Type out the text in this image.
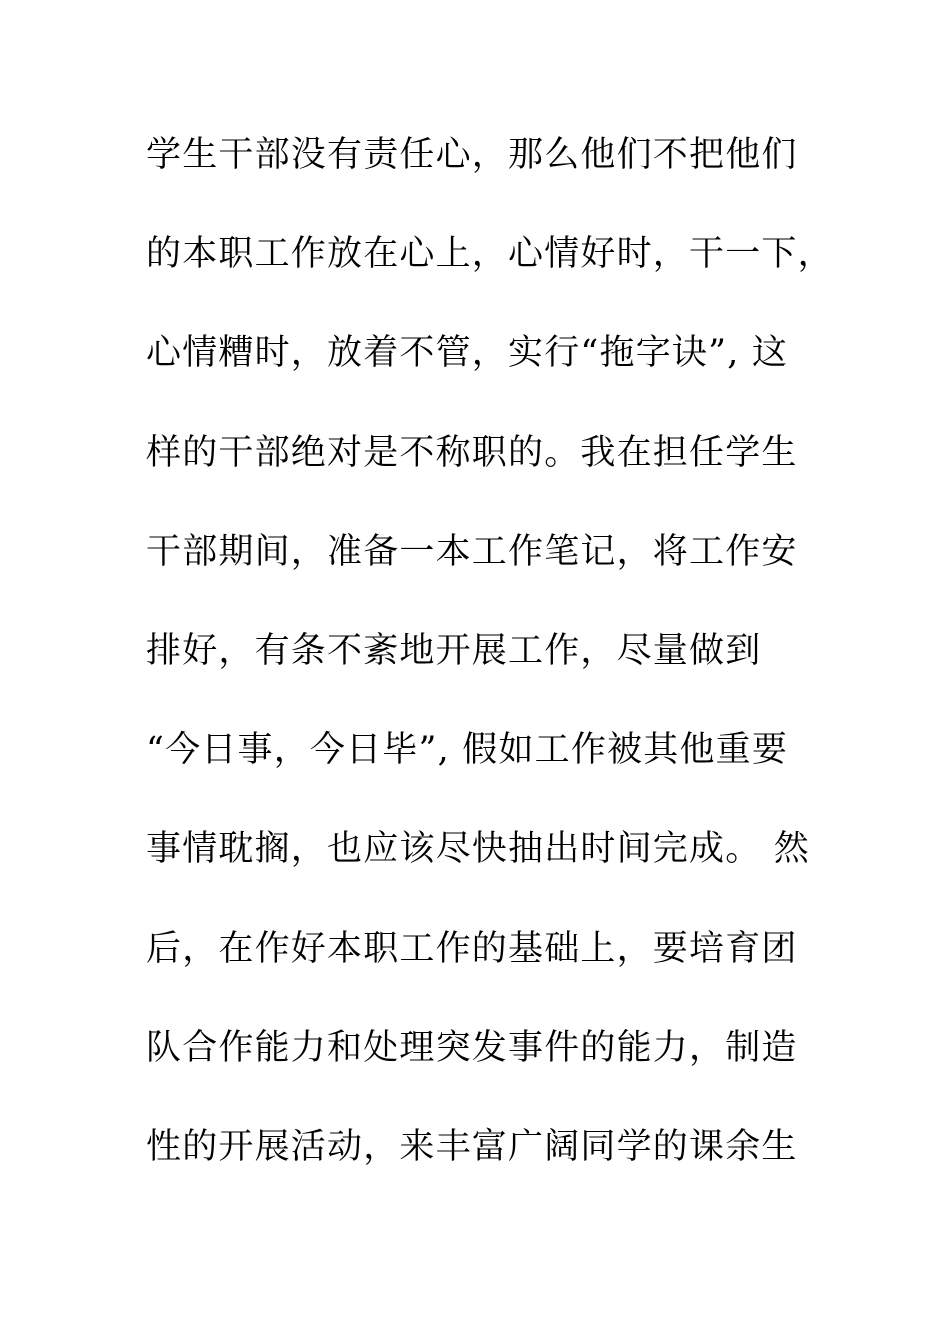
学生干部没有责任心，那么他们不把他们
的本职工作放在心上，心情好时，干一下，
心情糟时，放着不管，实行“拖字诀”, 这
样的干部绝对是不称职的。我在担任学生
干部期间，准备一本工作笔记，将工作安
排好，有条不紊地开展工作，尽量做到
“今日事，今日毕”, 假如工作被其他重要
事情耽搁，也应该尽快抽出时间完成。 然
后，在作好本职工作的基础上，要培育团
队合作能力和处理突发事件的能力，制造
性的开展活动，来丰富广阔同学的课余生
